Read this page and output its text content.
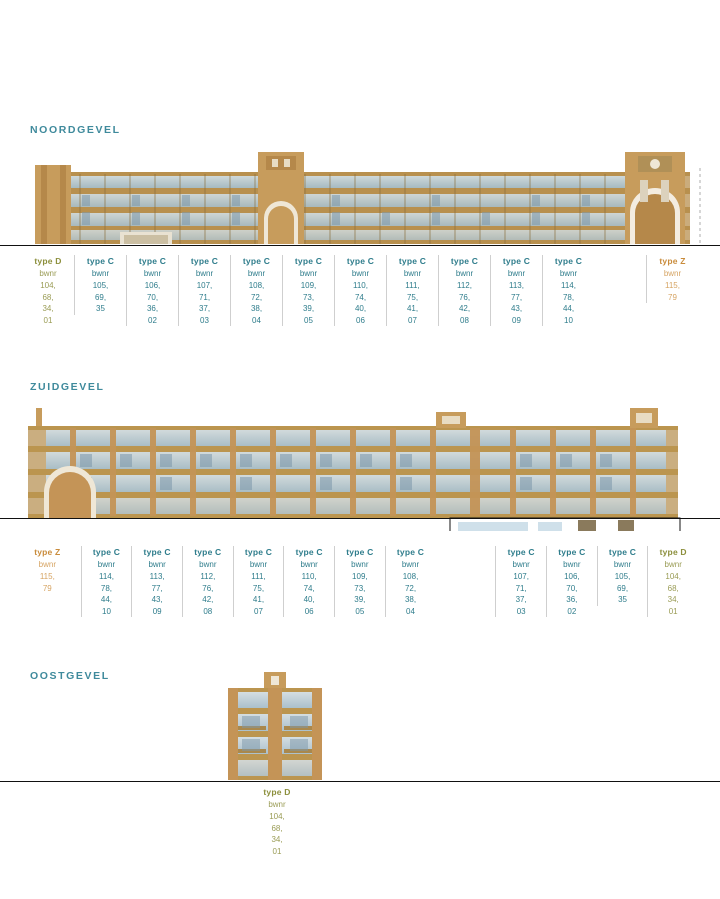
NOORDGEVEL
type D
bwnr
104,
68,
34,
01
type C
bwnr
105,
69,
35
type C
bwnr
106,
70,
36,
02
type C
bwnr
107,
71,
37,
03
type C
bwnr
108,
72,
38,
04
type C
bwnr
109,
73,
39,
05
type C
bwnr
110,
74,
40,
06
type C
bwnr
111,
75,
41,
07
type C
bwnr
112,
76,
42,
08
type C
bwnr
113,
77,
43,
09
type C
bwnr
114,
78,
44,
10
type Z
bwnr
115,
79
ZUIDGEVEL
type Z
bwnr
115,
79
type C
bwnr
114,
78,
44,
10
type C
bwnr
113,
77,
43,
09
type C
bwnr
112,
76,
42,
08
type C
bwnr
111,
75,
41,
07
type C
bwnr
110,
74,
40,
06
type C
bwnr
109,
73,
39,
05
type C
bwnr
108,
72,
38,
04
type C
bwnr
107,
71,
37,
03
type C
bwnr
106,
70,
36,
02
type C
bwnr
105,
69,
35
type D
bwnr
104,
68,
34,
01
OOSTGEVEL
type D
bwnr
104,
68,
34,
01
